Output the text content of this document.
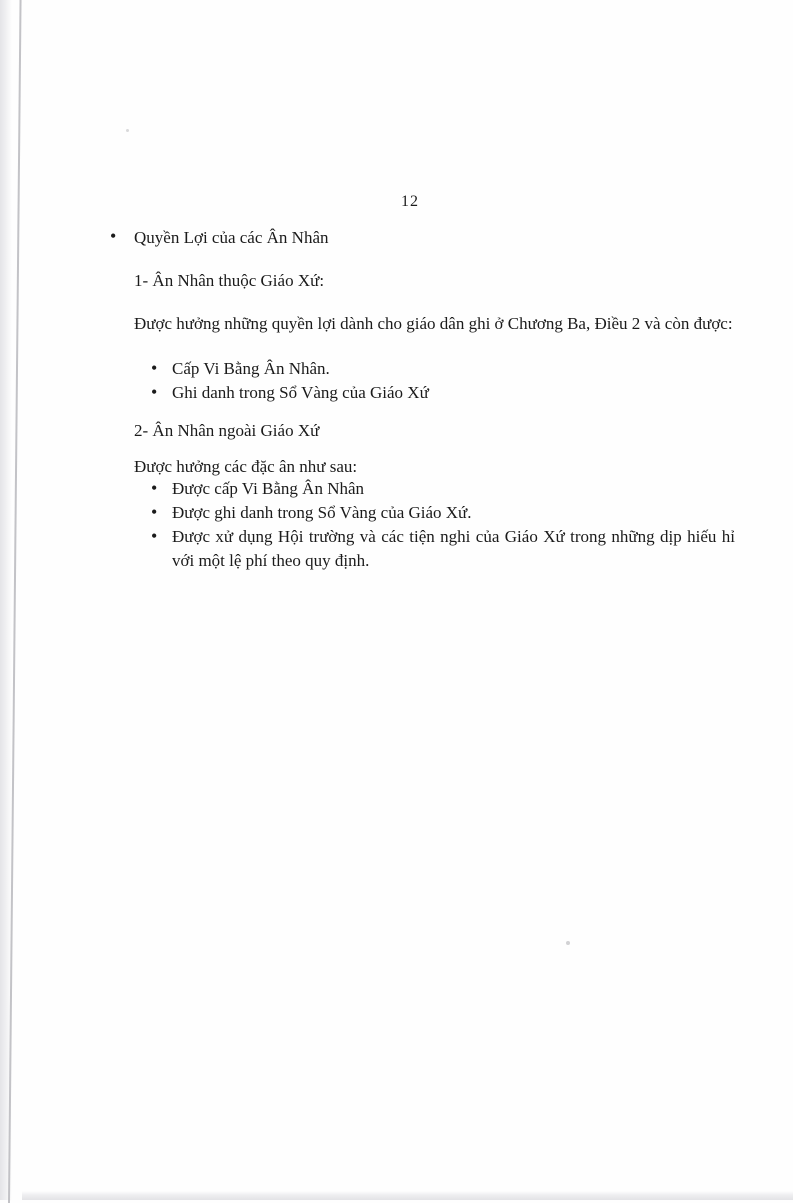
12
• Quyền Lợi của các Ân Nhân
1- Ân Nhân thuộc Giáo Xứ:
Được hưởng những quyền lợi dành cho giáo dân ghi ở Chương Ba, Điều 2 và còn được:
• Cấp Vi Bằng Ân Nhân.
• Ghi danh trong Sổ Vàng của Giáo Xứ
2- Ân Nhân ngoài Giáo Xứ
Được hưởng các đặc ân như sau:
• Được cấp Vi Bằng Ân Nhân
• Được ghi danh trong Sổ Vàng của Giáo Xứ.
• Được xử dụng Hội trường và các tiện nghi của Giáo Xứ trong những dịp hiếu hỉ với một lệ phí theo quy định.
